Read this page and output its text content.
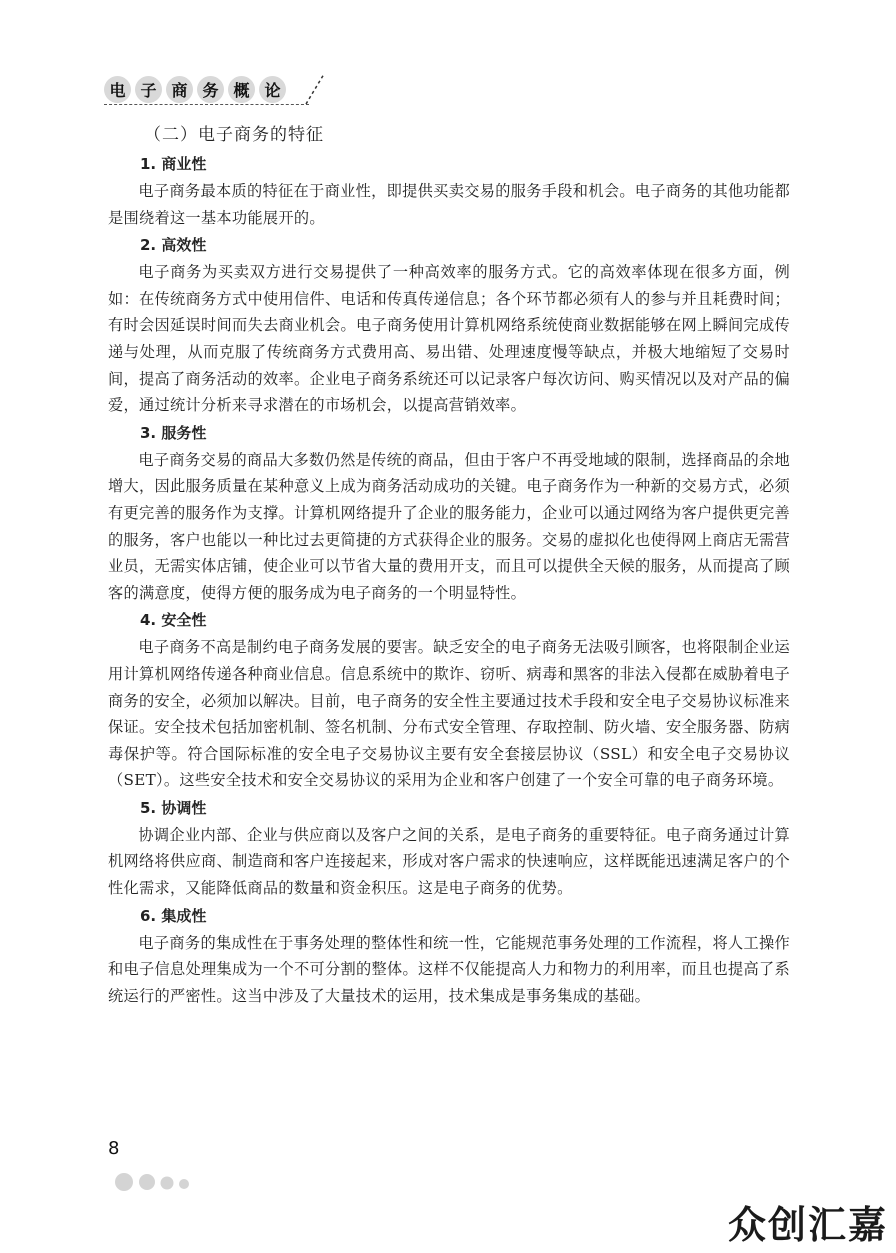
电 子 商 务 概 论
（二）电子商务的特征
1. 商业性

电子商务最本质的特征在于商业性，即提供买卖交易的服务手段和机会。电子商务的其他功能都是围绕着这一基本功能展开的。

2. 高效性

电子商务为买卖双方进行交易提供了一种高效率的服务方式。它的高效率体现在很多方面，例如：在传统商务方式中使用信件、电话和传真传递信息；各个环节都必须有人的参与并且耗费时间；有时会因延误时间而失去商业机会。电子商务使用计算机网络系统使商业数据能够在网上瞬间完成传递与处理，从而克服了传统商务方式费用高、易出错、处理速度慢等缺点，并极大地缩短了交易时间，提高了商务活动的效率。企业电子商务系统还可以记录客户每次访问、购买情况以及对产品的偏爱，通过统计分析来寻求潜在的市场机会，以提高营销效率。

3. 服务性

电子商务交易的商品大多数仍然是传统的商品，但由于客户不再受地域的限制，选择商品的余地增大，因此服务质量在某种意义上成为商务活动成功的关键。电子商务作为一种新的交易方式，必须有更完善的服务作为支撑。计算机网络提升了企业的服务能力，企业可以通过网络为客户提供更完善的服务，客户也能以一种比过去更简捷的方式获得企业的服务。交易的虚拟化也使得网上商店无需营业员，无需实体店铺，使企业可以节省大量的费用开支，而且可以提供全天候的服务，从而提高了顾客的满意度，使得方便的服务成为电子商务的一个明显特性。

4. 安全性

电子商务不高是制约电子商务发展的要害。缺乏安全的电子商务无法吸引顾客，也将限制企业运用计算机网络传递各种商业信息。信息系统中的欺诈、窃听、病毒和黑客的非法入侵都在威胁着电子商务的安全，必须加以解决。目前，电子商务的安全性主要通过技术手段和安全电子交易协议标准来保证。安全技术包括加密机制、签名机制、分布式安全管理、存取控制、防火墙、安全服务器、防病毒保护等。符合国际标准的安全电子交易协议主要有安全套接层协议（SSL）和安全电子交易协议（SET）。这些安全技术和安全交易协议的采用为企业和客户创建了一个安全可靠的电子商务环境。

5. 协调性

协调企业内部、企业与供应商以及客户之间的关系，是电子商务的重要特征。电子商务通过计算机网络将供应商、制造商和客户连接起来，形成对客户需求的快速响应，这样既能迅速满足客户的个性化需求，又能降低商品的数量和资金积压。这是电子商务的优势。

6. 集成性

电子商务的集成性在于事务处理的整体性和统一性，它能规范事务处理的工作流程，将人工操作和电子信息处理集成为一个不可分割的整体。这样不仅能提高人力和物力的利用率，而且也提高了系统运行的严密性。这当中涉及了大量技术的运用，技术集成是事务集成的基础。

8
众创汇嘉
